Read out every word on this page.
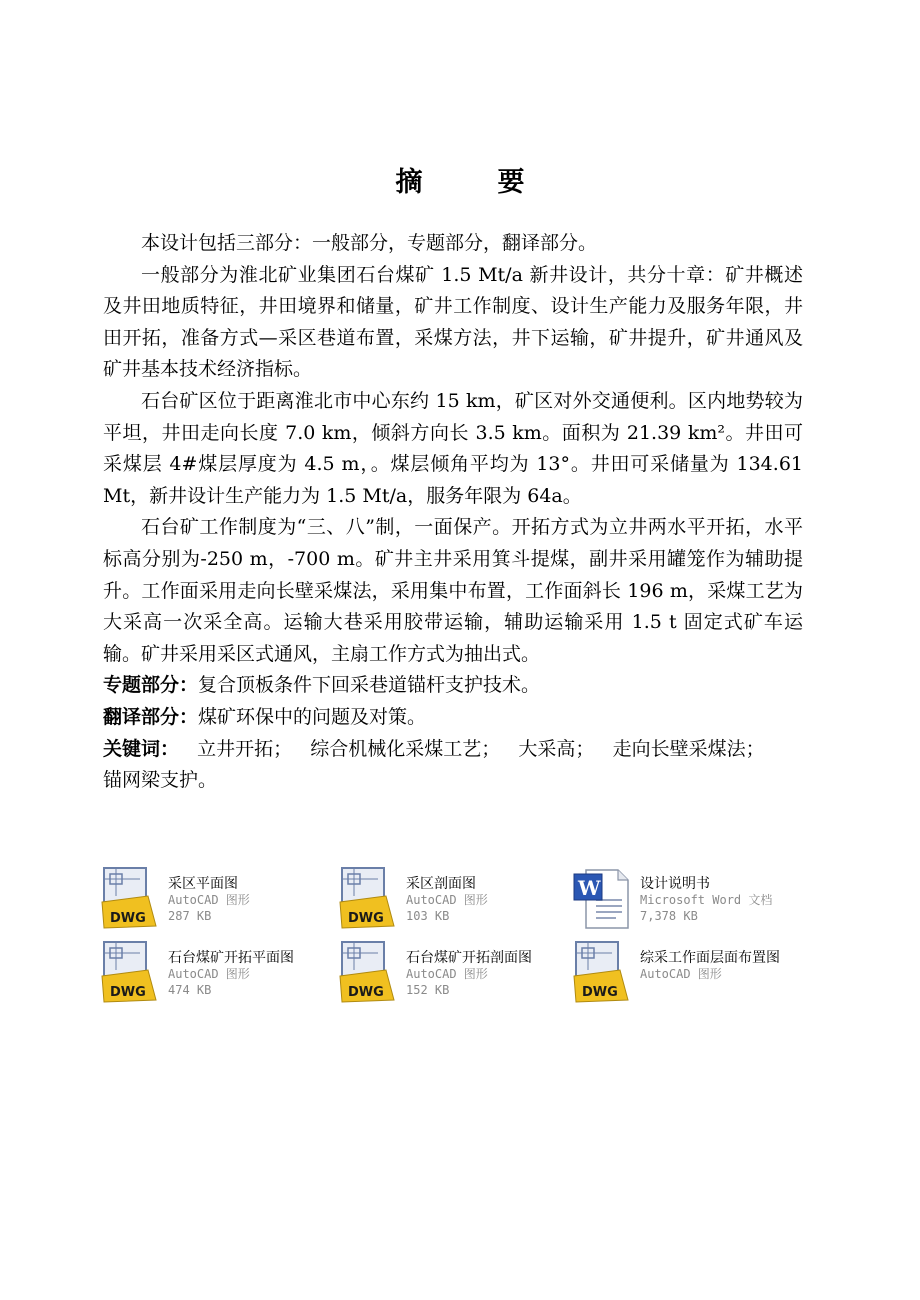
摘　要

本设计包括三部分：一般部分，专题部分，翻译部分。

一般部分为淮北矿业集团石台煤矿 1.5 Mt/a 新井设计，共分十章：矿井概述及井田地质特征，井田境界和储量，矿井工作制度、设计生产能力及服务年限，井田开拓，准备方式—采区巷道布置，采煤方法，井下运输，矿井提升，矿井通风及矿井基本技术经济指标。

石台矿区位于距离淮北市中心东约 15 km，矿区对外交通便利。区内地势较为平坦，井田走向长度 7.0 km，倾斜方向长 3.5 km。面积为 21.39 km²。井田可采煤层 4#煤层厚度为 4.5 m，。煤层倾角平均为 13°。井田可采储量为 134.61 Mt，新井设计生产能力为 1.5 Mt/a，服务年限为 64a。

石台矿工作制度为“三、八”制，一面保产。开拓方式为立井两水平开拓，水平标高分别为-250 m，-700 m。矿井主井采用箕斗提煤，副井采用罐笼作为辅助提升。工作面采用走向长壁采煤法，采用集中布置，工作面斜长 196 m，采煤工艺为大采高一次采全高。运输大巷采用胶带运输，辅助运输采用 1.5 t 固定式矿车运输。矿井采用采区式通风，主扇工作方式为抽出式。

专题部分：复合顶板条件下回采巷道锚杆支护技术。

翻译部分：煤矿环保中的问题及对策。

关键词： 立井开拓； 综合机械化采煤工艺； 大采高； 走向长壁采煤法；
锚网梁支护。

DWG
采区平面图
AutoCAD 图形
287 KB	DWG
采区剖面图
AutoCAD 图形
103 KB
W	设计说明书
Microsoft Word 文档
7,378 KB
DWG
石台煤矿开拓平面图
AutoCAD 图形
474 KB	DWG
石台煤矿开拓剖面图
AutoCAD 图形
152 KB	DWG
综采工作面层面布置图
AutoCAD 图形
